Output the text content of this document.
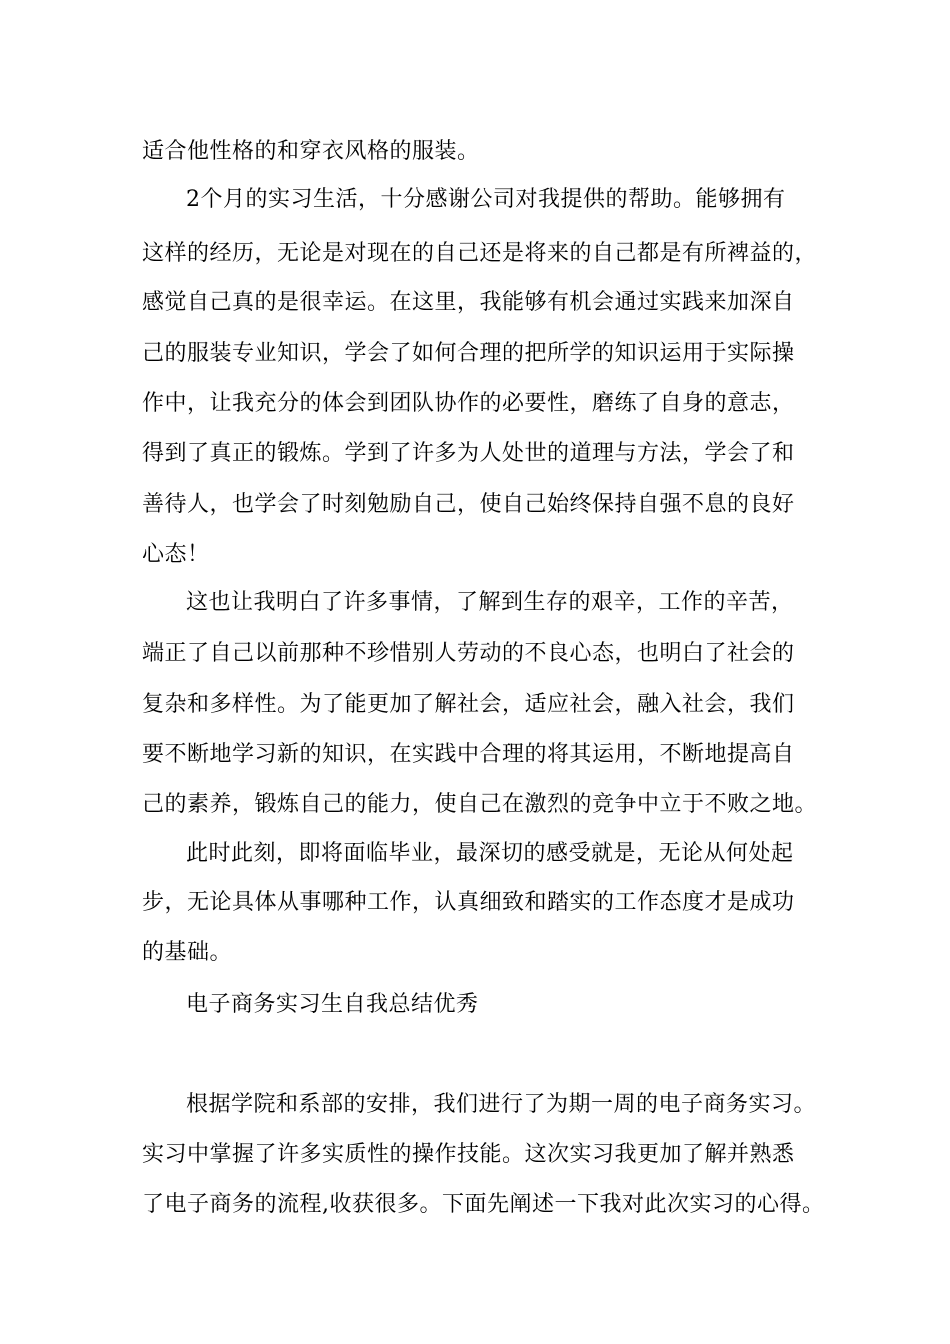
适合他性格的和穿衣风格的服装。
2个月的实习生活，十分感谢公司对我提供的帮助。能够拥有
这样的经历，无论是对现在的自己还是将来的自己都是有所裨益的，
感觉自己真的是很幸运。在这里，我能够有机会通过实践来加深自
己的服装专业知识，学会了如何合理的把所学的知识运用于实际操
作中，让我充分的体会到团队协作的必要性，磨练了自身的意志，
得到了真正的锻炼。学到了许多为人处世的道理与方法，学会了和
善待人，也学会了时刻勉励自己，使自己始终保持自强不息的良好
心态！
这也让我明白了许多事情，了解到生存的艰辛，工作的辛苦，
端正了自己以前那种不珍惜别人劳动的不良心态，也明白了社会的
复杂和多样性。为了能更加了解社会，适应社会，融入社会，我们
要不断地学习新的知识，在实践中合理的将其运用，不断地提高自
己的素养，锻炼自己的能力，使自己在激烈的竞争中立于不败之地。
此时此刻，即将面临毕业，最深切的感受就是，无论从何处起
步，无论具体从事哪种工作，认真细致和踏实的工作态度才是成功
的基础。
电子商务实习生自我总结优秀
根据学院和系部的安排，我们进行了为期一周的电子商务实习。
实习中掌握了许多实质性的操作技能。这次实习我更加了解并熟悉
了电子商务的流程,收获很多。下面先阐述一下我对此次实习的心得。
